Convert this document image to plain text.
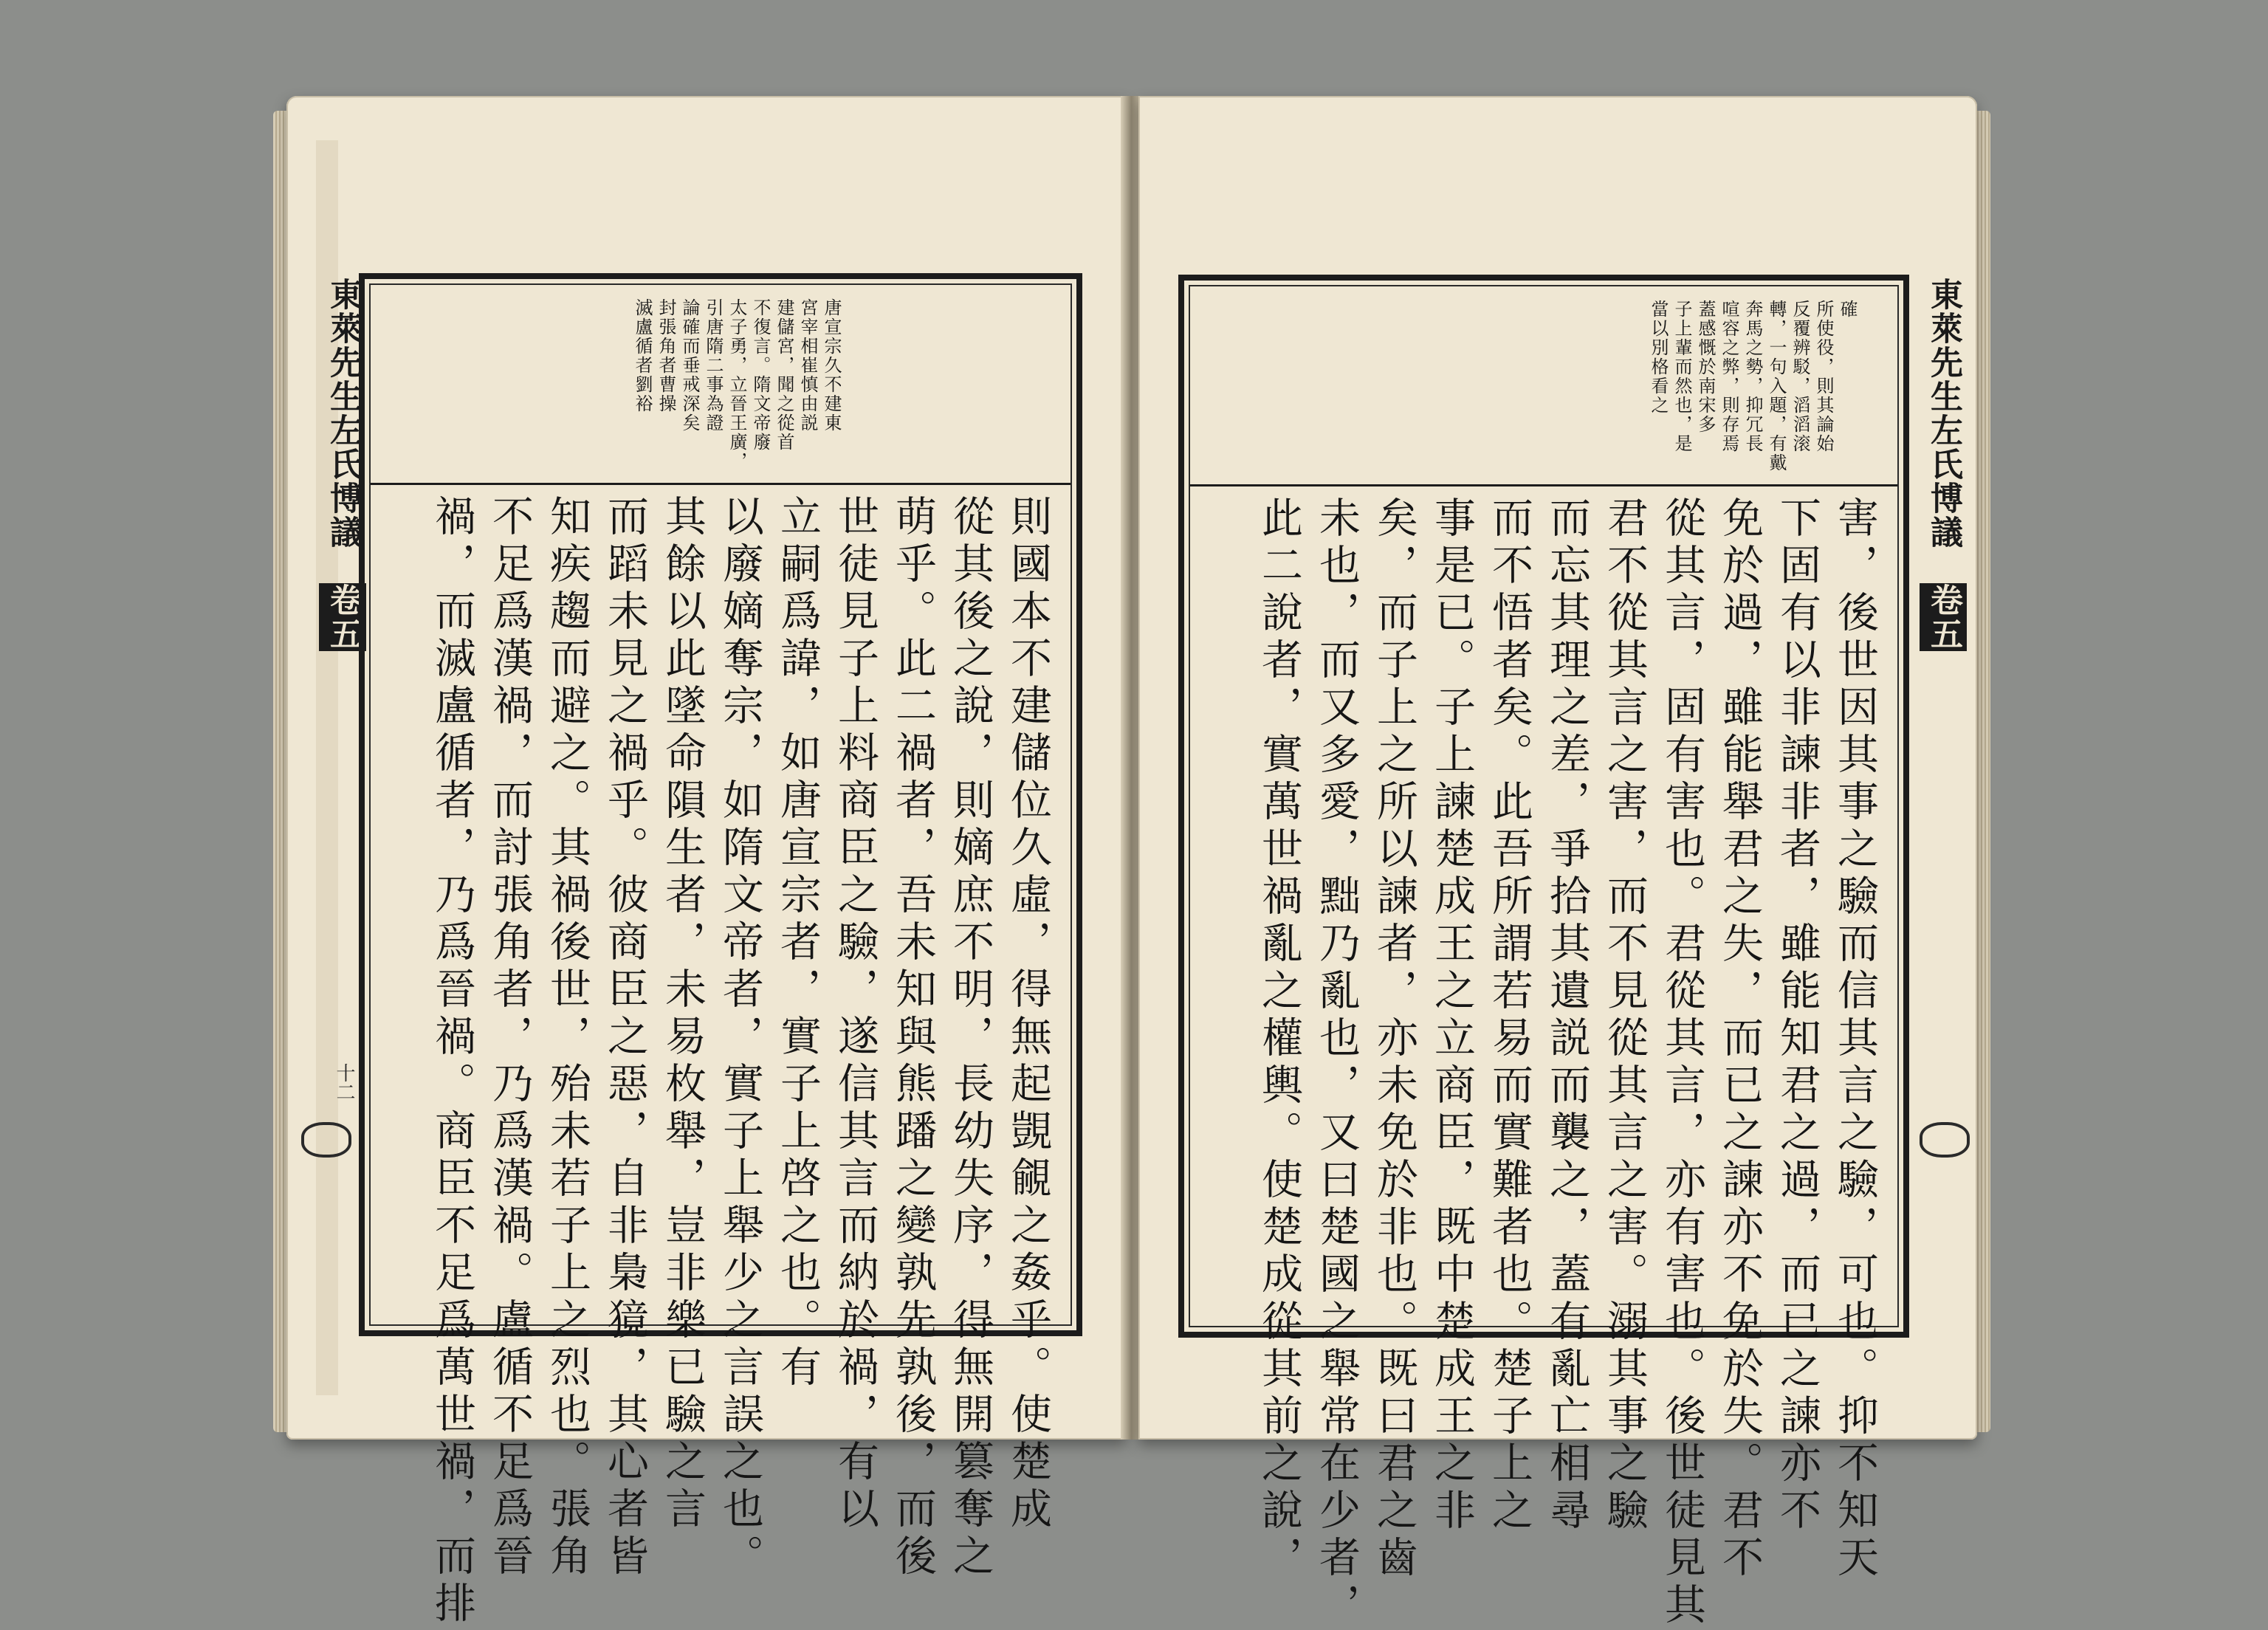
東萊先生左氏博議
卷五
十二
唐宣宗久不建東
宮宰相崔慎由説
建儲宮，聞之從首
不復言。隋文帝廢
太子勇，立晉王廣，
引唐隋二事為證
論確而垂戒深矣
封張角者曹操
滅盧循者劉裕
則國本不建儲位久虛，得無起覬覦之姦乎。使楚成
從其後之說，則嫡庶不明，長幼失序，得無開篡奪之
萌乎。此二禍者，吾未知與熊蹯之變孰先孰後，而後
世徒見子上料商臣之驗，遂信其言而納於禍，有以
立嗣爲諱，如唐宣宗者，實子上啓之也。有
以廢嫡奪宗，如隋文帝者，實子上舉少之言誤之也。
其餘以此墜命隕生者，未易枚舉，豈非樂已驗之言
而蹈未見之禍乎。彼商臣之惡，自非梟獍，其心者皆
知疾趨而避之。其禍後世，殆未若子上之烈也。張角
不足爲漢禍，而討張角者，乃爲漢禍。盧循不足爲晉
禍，而滅盧循者，乃爲晉禍。商臣不足爲萬世禍，而排
東萊先生左氏博議
卷五
確
所使役，則其論始
反覆辨駁，滔滔滚
轉，一句入題，有戴
奔馬之勢，抑冗長
喧容之弊，則存焉
蓋感慨於南宋多
子上輩而然也，是
當以別格看之
害，後世因其事之驗而信其言之驗，可也。抑不知天
下固有以非諫非者，雖能知君之過，而已之諫亦不
免於過，雖能舉君之失，而已之諫亦不免於失。君不
從其言，固有害也。君從其言，亦有害也。後世徒見其
君不從其言之害，而不見從其言之害。溺其事之驗
而忘其理之差，爭拾其遺説而襲之，蓋有亂亡相尋
而不悟者矣。此吾所謂若易而實難者也。楚子上之
事是已。子上諫楚成王之立商臣，既中楚成王之非
矣，而子上之所以諫者，亦未免於非也。既曰君之齒
未也，而又多愛，黜乃亂也，又曰楚國之舉常在少者，
此二說者，實萬世禍亂之權輿。使楚成從其前之說，
